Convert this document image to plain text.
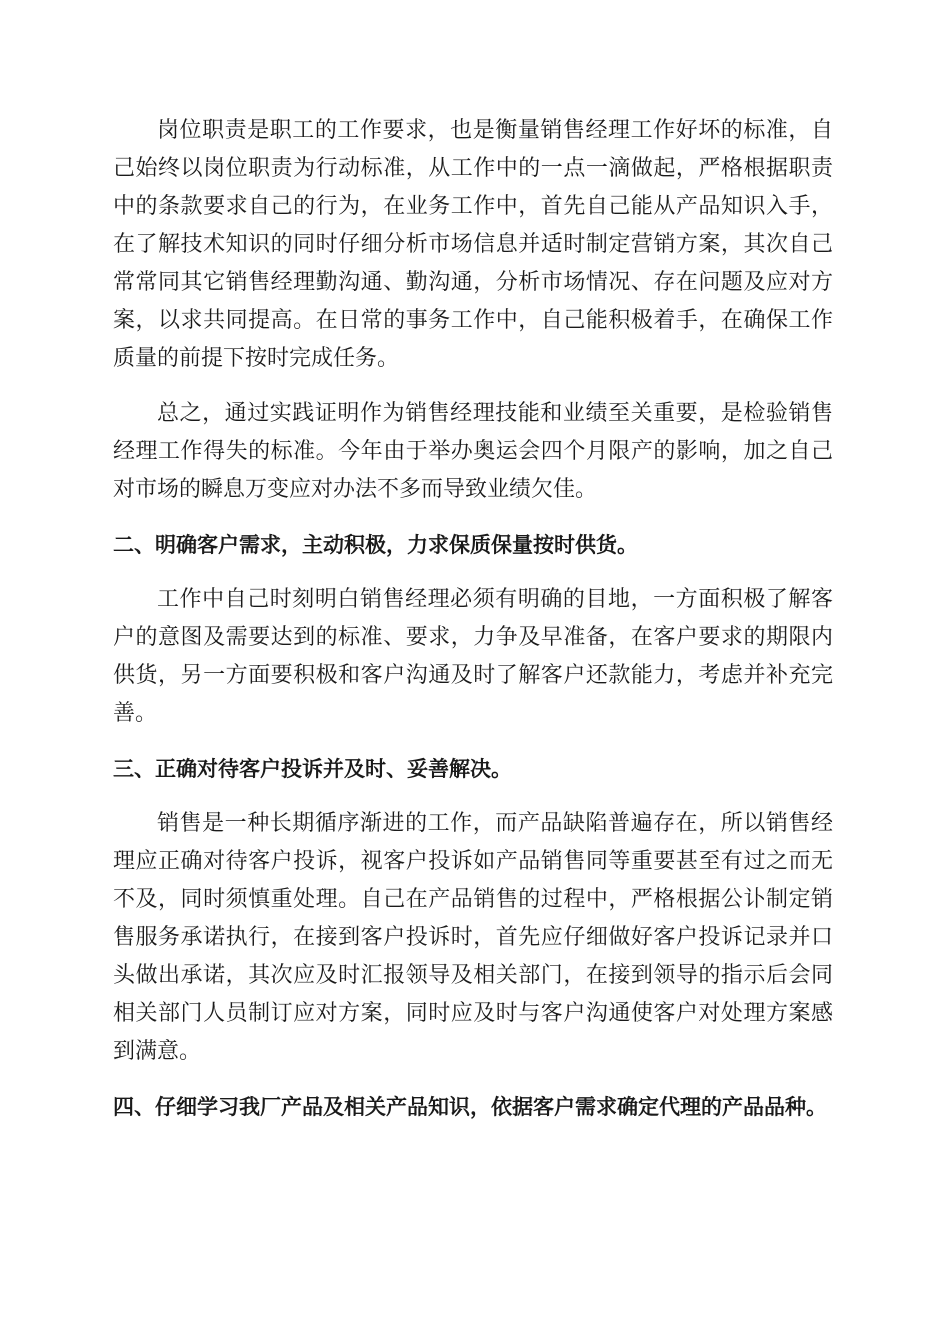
岗位职责是职工的工作要求，也是衡量销售经理工作好坏的标准，自己始终以岗位职责为行动标准，从工作中的一点一滴做起，严格根据职责中的条款要求自己的行为，在业务工作中，首先自己能从产品知识入手，在了解技术知识的同时仔细分析市场信息并适时制定营销方案，其次自己常常同其它销售经理勤沟通、勤沟通，分析市场情况、存在问题及应对方案，以求共同提高。在日常的事务工作中，自己能积极着手，在确保工作质量的前提下按时完成任务。

总之，通过实践证明作为销售经理技能和业绩至关重要，是检验销售经理工作得失的标准。今年由于举办奥运会四个月限产的影响，加之自己对市场的瞬息万变应对办法不多而导致业绩欠佳。

二、明确客户需求，主动积极，力求保质保量按时供货。

工作中自己时刻明白销售经理必须有明确的目地，一方面积极了解客户的意图及需要达到的标准、要求，力争及早准备，在客户要求的期限内供货，另一方面要积极和客户沟通及时了解客户还款能力，考虑并补充完善。

三、正确对待客户投诉并及时、妥善解决。

销售是一种长期循序渐进的工作，而产品缺陷普遍存在，所以销售经理应正确对待客户投诉，视客户投诉如产品销售同等重要甚至有过之而无不及，同时须慎重处理。自己在产品销售的过程中，严格根据公讣制定销售服务承诺执行，在接到客户投诉时，首先应仔细做好客户投诉记录并口头做出承诺，其次应及时汇报领导及相关部门，在接到领导的指示后会同相关部门人员制订应对方案，同时应及时与客户沟通使客户对处理方案感到满意。

四、仔细学习我厂产品及相关产品知识，依据客户需求确定代理的产品品种。
